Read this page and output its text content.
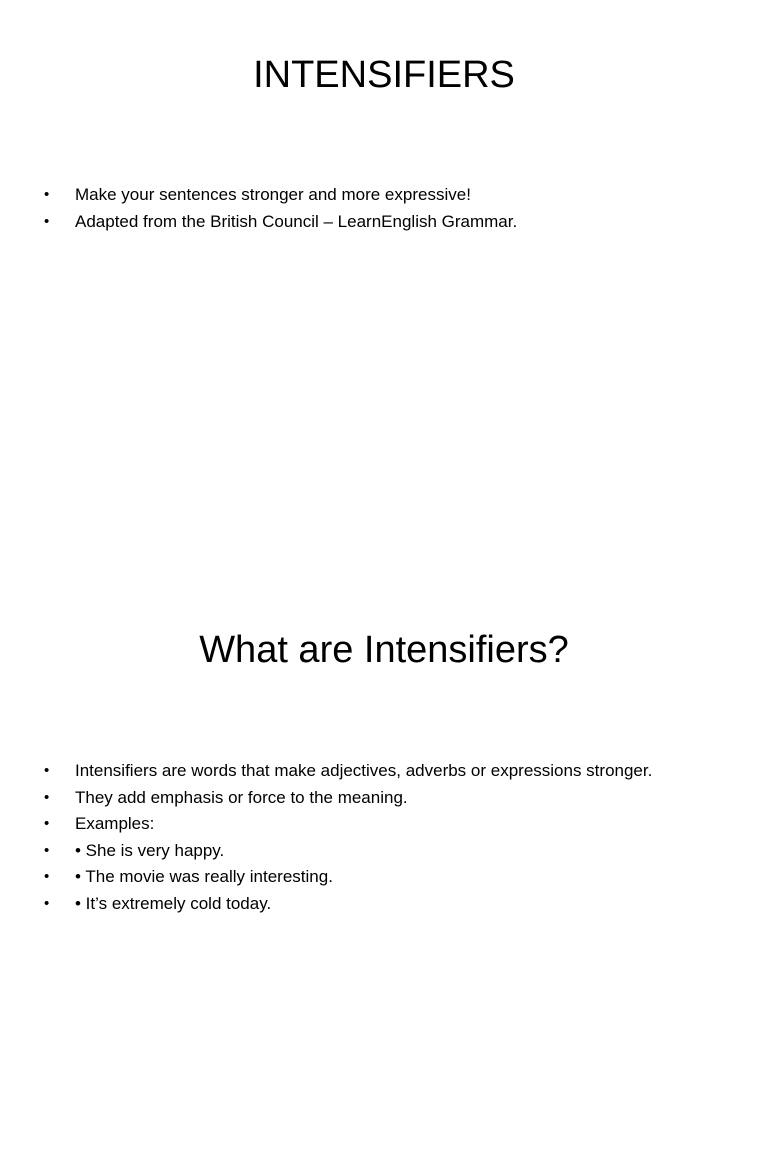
INTENSIFIERS
• Make your sentences stronger and more expressive!
• Adapted from the British Council – LearnEnglish Grammar.
What are Intensifiers?
• Intensifiers are words that make adjectives, adverbs or expressions stronger.
• They add emphasis or force to the meaning.
• Examples:
• • She is very happy.
• • The movie was really interesting.
• • It’s extremely cold today.
